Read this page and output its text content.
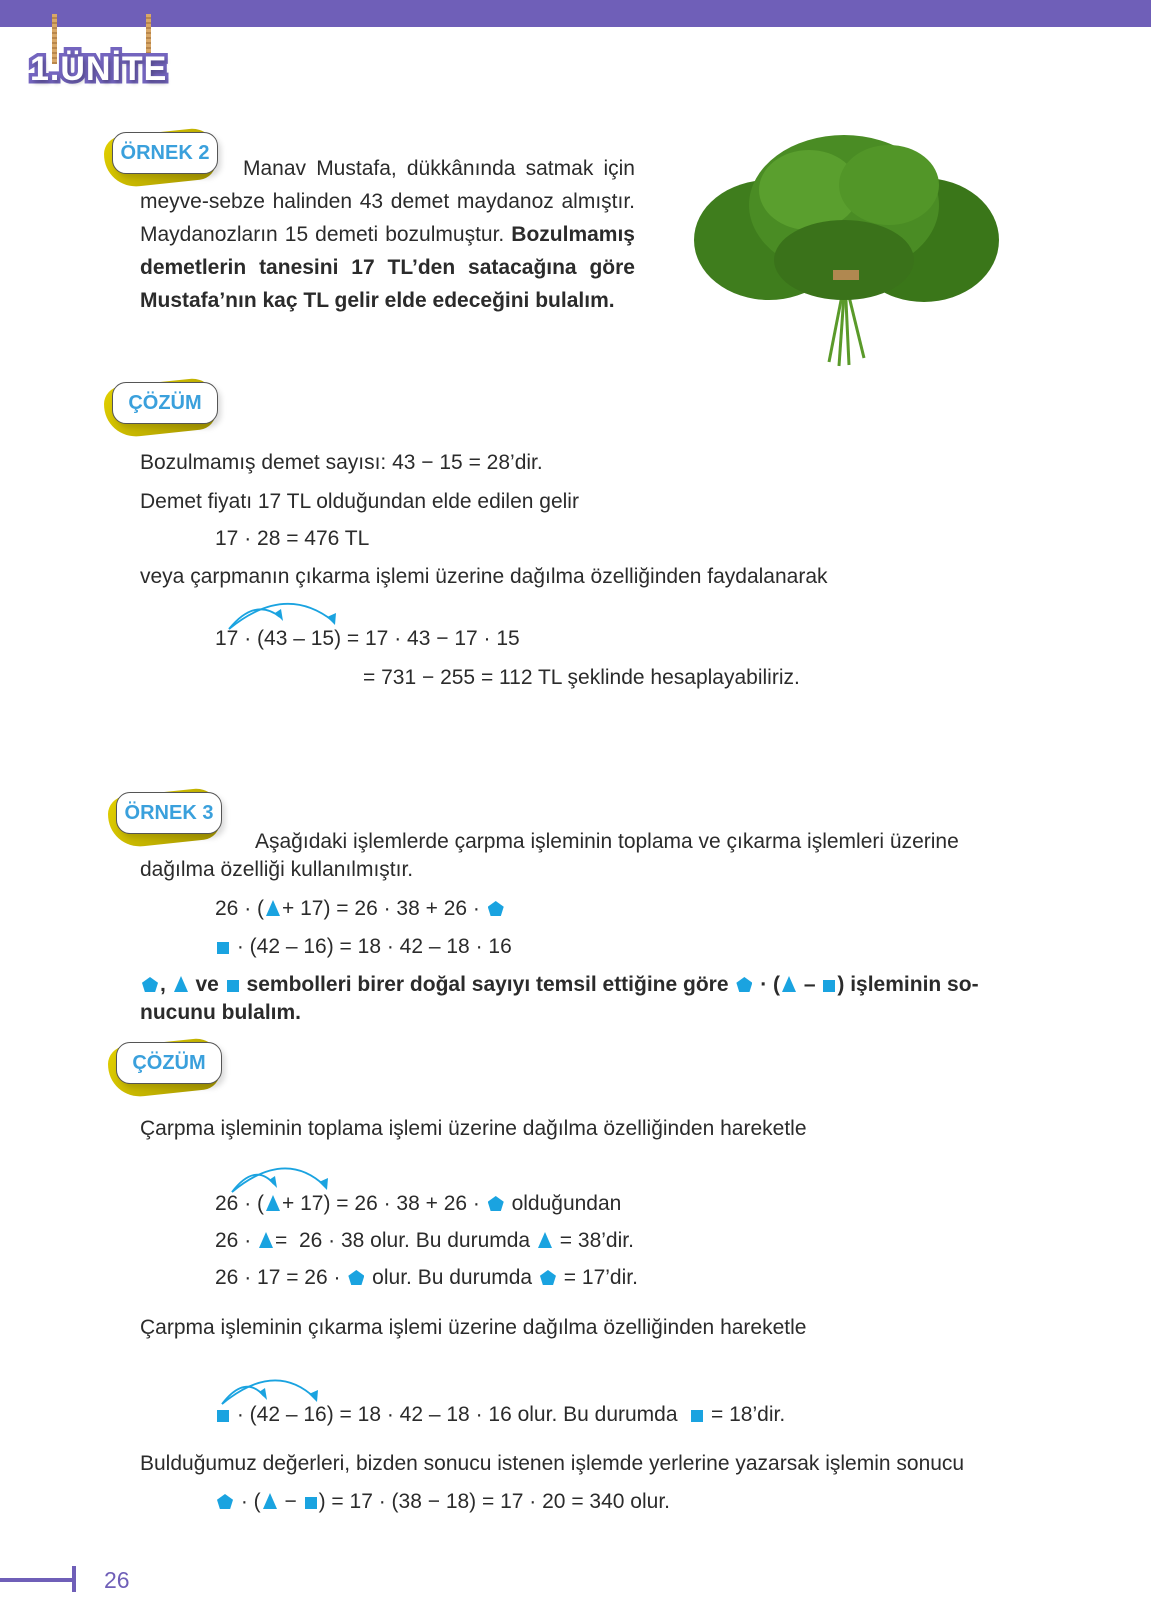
1.ÜNİTE
ÖRNEK 2
Manav Mustafa, dükkânında satmak için meyve-sebze halinden 43 demet maydanoz almıştır. Maydanozların 15 demeti bozulmuştur. Bozulmamış demetlerin tanesini 17 TL’den satacağına göre Mustafa’nın kaç TL gelir elde edeceğini bulalım.
ÇÖZÜM
Bozulmamış demet sayısı: 43 − 15 = 28’dir.
Demet fiyatı 17 TL olduğundan elde edilen gelir
17 · 28 = 476 TL
veya çarpmanın çıkarma işlemi üzerine dağılma özelliğinden faydalanarak
17 · (43 – 15) = 17 · 43 − 17 · 15
= 731 − 255 = 112 TL şeklinde hesaplayabiliriz.
ÖRNEK 3
Aşağıdaki işlemlerde çarpma işleminin toplama ve çıkarma işlemleri üzerine
dağılma özelliği kullanılmıştır.
26 · ( + 17) = 26 · 38 + 26 ·
· (42 – 16) = 18 · 42 – 18 · 16
,  ve  sembolleri birer doğal sayıyı temsil ettiğine göre  · ( – ) işleminin so-
nucunu bulalım.
ÇÖZÜM
Çarpma işleminin toplama işlemi üzerine dağılma özelliğinden hareketle
26 · ( + 17) = 26 · 38 + 26 ·  olduğundan
26 · =  26 · 38 olur. Bu durumda  = 38’dir.
26 · 17 = 26 ·  olur. Bu durumda  = 17’dir.
Çarpma işleminin çıkarma işlemi üzerine dağılma özelliğinden hareketle
· (42 – 16) = 18 · 42 – 18 · 16 olur. Bu durumda   = 18’dir.
Bulduğumuz değerleri, bizden sonucu istenen işlemde yerlerine yazarsak işlemin sonucu
· ( − ) = 17 · (38 − 18) = 17 · 20 = 340 olur.
26
